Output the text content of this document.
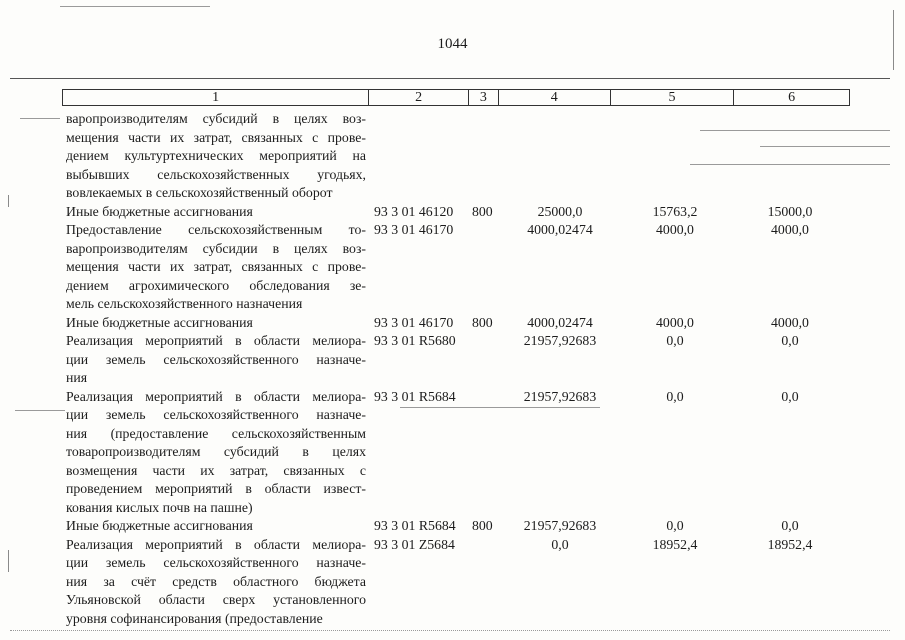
1044
1	2	3	4	5	6
варопроизводителям субсидий в целях воз-
мещения части их затрат, связанных с прове-
дением культуртехнических мероприятий на
выбывших сельскохозяйственных угодьях,
вовлекаемых в сельскохозяйственный оборот
Иные бюджетные ассигнования	93 3 01 46120 800	25000,0	15763,2	15000,0
Предоставление сельскохозяйственным то-
варопроизводителям субсидии в целях воз-
мещения части их затрат, связанных с прове-
дением агрохимического обследования зе-
мель сельскохозяйственного назначения
93 3 01 46170	4000,02474	4000,0	4000,0
Иные бюджетные ассигнования	93 3 01 46170 800	4000,02474	4000,0	4000,0
Реализация мероприятий в области мелиора-
ции земель сельскохозяйственного назначе-
ния
93 3 01 R5680	21957,92683	0,0	0,0
Реализация мероприятий в области мелиора-
ции земель сельскохозяйственного назначе-
ния (предоставление сельскохозяйственным
товаропроизводителям субсидий в целях
возмещения части их затрат, связанных с
проведением мероприятий в области извест-
кования кислых почв на пашне)
93 3 01 R5684	21957,92683	0,0	0,0
Иные бюджетные ассигнования	93 3 01 R5684 800 21957,92683	0,0	0,0
Реализация мероприятий в области мелиора-
ции земель сельскохозяйственного назначе-
ния за счёт средств областного бюджета
Ульяновской области сверх установленного
уровня софинансирования (предоставление
93 3 01 Z5684	0,0	18952,4	18952,4
